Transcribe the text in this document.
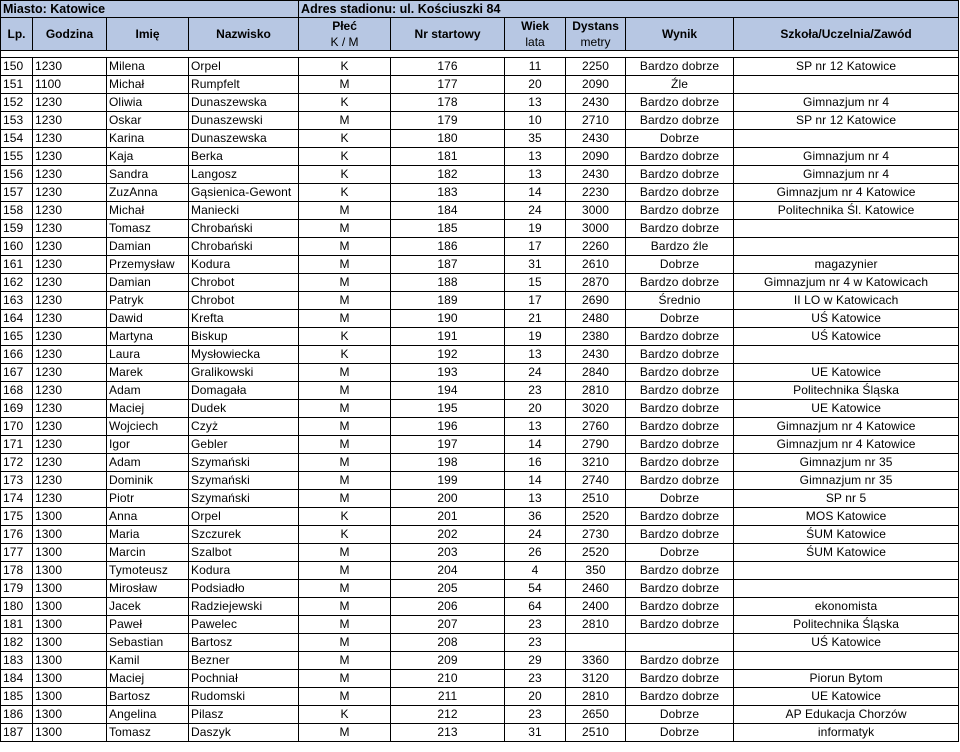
Miasto: Katowice				Adres stadionu: ul. Kościuszki 84					
Lp.	Godzina	Imię	Nazwisko	Płeć	Nr startowy	Wiek	Dystans	Wynik	Szkoła/Uczelnia/Zawód
				K / M		lata	metry		

150	1230	Milena	Orpel	K	176	11	2250	Bardzo dobrze	SP nr 12 Katowice
151	1100	Michał	Rumpfelt	M	177	20	2090	Źle	
152	1230	Oliwia	Dunaszewska	K	178	13	2430	Bardzo dobrze	Gimnazjum nr 4
153	1230	Oskar	Dunaszewski	M	179	10	2710	Bardzo dobrze	SP nr 12 Katowice
154	1230	Karina	Dunaszewska	K	180	35	2430	Dobrze	
155	1230	Kaja	Berka	K	181	13	2090	Bardzo dobrze	Gimnazjum nr 4
156	1230	Sandra	Langosz	K	182	13	2430	Bardzo dobrze	Gimnazjum nr 4
157	1230	ZuzAnna	Gąsienica-Gewont	K	183	14	2230	Bardzo dobrze	Gimnazjum nr 4 Katowice
158	1230	Michał	Maniecki	M	184	24	3000	Bardzo dobrze	Politechnika Śl. Katowice
159	1230	Tomasz	Chrobański	M	185	19	3000	Bardzo dobrze	
160	1230	Damian	Chrobański	M	186	17	2260	Bardzo źle	
161	1230	Przemysław	Kodura	M	187	31	2610	Dobrze	magazynier
162	1230	Damian	Chrobot	M	188	15	2870	Bardzo dobrze	Gimnazjum nr 4 w Katowicach
163	1230	Patryk	Chrobot	M	189	17	2690	Średnio	II LO w Katowicach
164	1230	Dawid	Krefta	M	190	21	2480	Dobrze	UŚ Katowice
165	1230	Martyna	Biskup	K	191	19	2380	Bardzo dobrze	UŚ Katowice
166	1230	Laura	Mysłowiecka	K	192	13	2430	Bardzo dobrze	
167	1230	Marek	Gralikowski	M	193	24	2840	Bardzo dobrze	UE Katowice
168	1230	Adam	Domagała	M	194	23	2810	Bardzo dobrze	Politechnika Śląska
169	1230	Maciej	Dudek	M	195	20	3020	Bardzo dobrze	UE Katowice
170	1230	Wojciech	Czyż	M	196	13	2760	Bardzo dobrze	Gimnazjum nr 4 Katowice
171	1230	Igor	Gebler	M	197	14	2790	Bardzo dobrze	Gimnazjum nr 4 Katowice
172	1230	Adam	Szymański	M	198	16	3210	Bardzo dobrze	Gimnazjum nr 35
173	1230	Dominik	Szymański	M	199	14	2740	Bardzo dobrze	Gimnazjum nr 35
174	1230	Piotr	Szymański	M	200	13	2510	Dobrze	SP nr 5
175	1300	Anna	Orpel	K	201	36	2520	Bardzo dobrze	MOS Katowice
176	1300	Maria	Szczurek	K	202	24	2730	Bardzo dobrze	ŚUM Katowice
177	1300	Marcin	Szalbot	M	203	26	2520	Dobrze	ŚUM Katowice
178	1300	Tymoteusz	Kodura	M	204	4	350	Bardzo dobrze	
179	1300	Mirosław	Podsiadło	M	205	54	2460	Bardzo dobrze	
180	1300	Jacek	Radziejewski	M	206	64	2400	Bardzo dobrze	ekonomista
181	1300	Paweł	Pawelec	M	207	23	2810	Bardzo dobrze	Politechnika Śląska
182	1300	Sebastian	Bartosz	M	208	23			UŚ Katowice
183	1300	Kamil	Bezner	M	209	29	3360	Bardzo dobrze	
184	1300	Maciej	Pochniał	M	210	23	3120	Bardzo dobrze	Piorun Bytom
185	1300	Bartosz	Rudomski	M	211	20	2810	Bardzo dobrze	UE Katowice
186	1300	Angelina	Pilasz	K	212	23	2650	Dobrze	AP Edukacja Chorzów
187	1300	Tomasz	Daszyk	M	213	31	2510	Dobrze	informatyk
